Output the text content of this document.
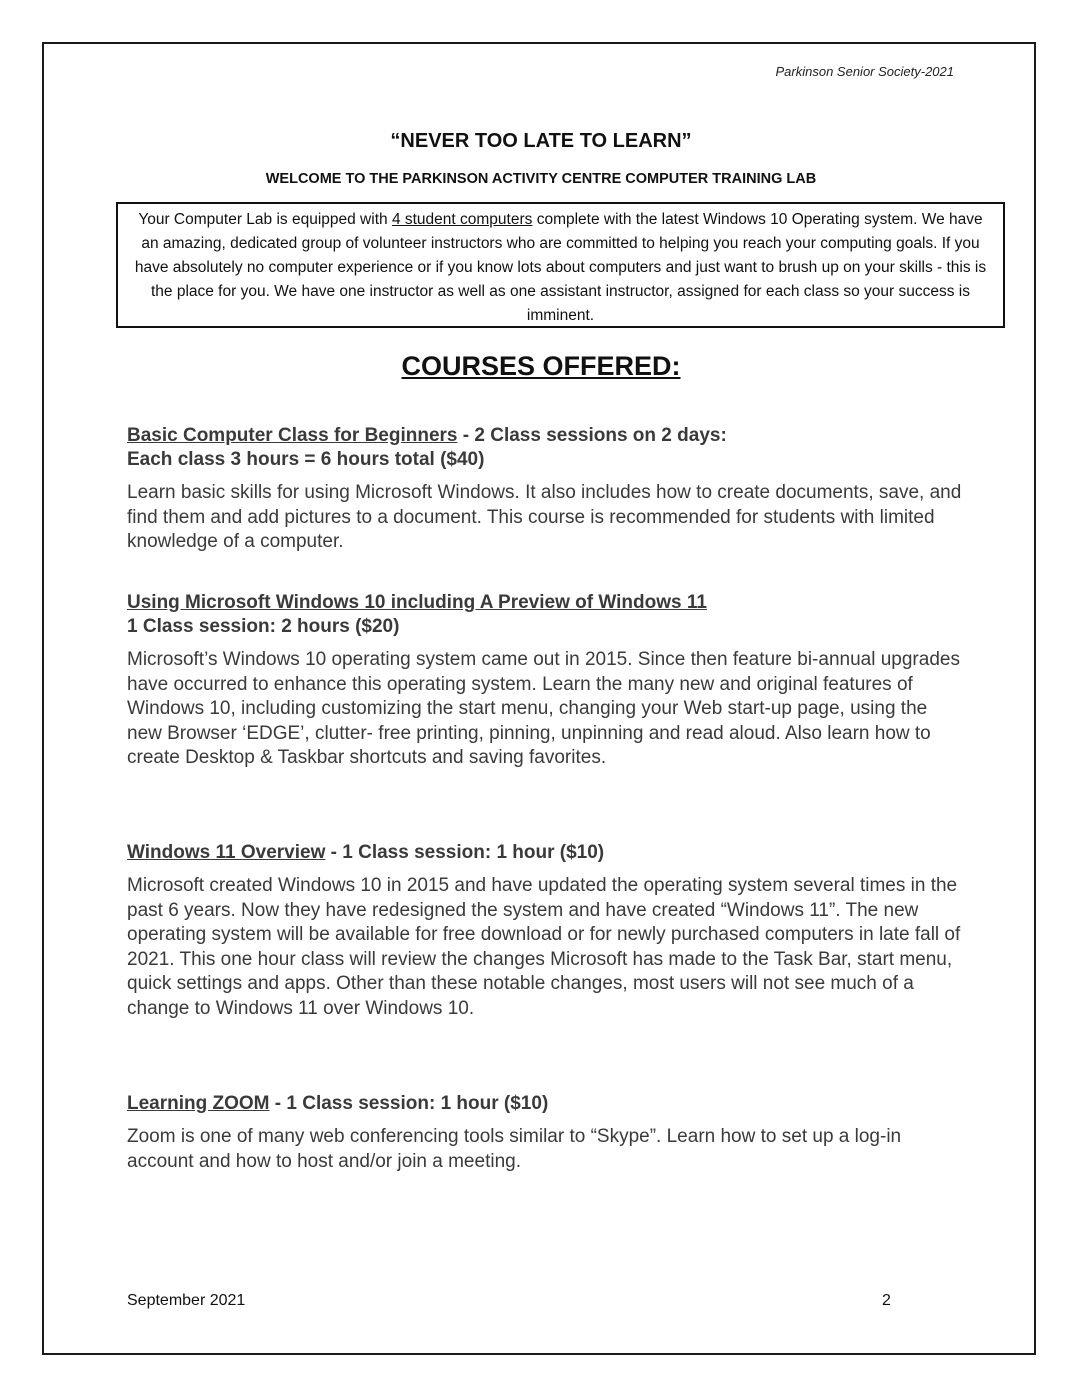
Parkinson Senior Society-2021
“NEVER TOO LATE TO LEARN”
WELCOME TO THE PARKINSON ACTIVITY CENTRE COMPUTER TRAINING LAB
Your Computer Lab is equipped with 4 student computers complete with the latest Windows 10 Operating system. We have an amazing, dedicated group of volunteer instructors who are committed to helping you reach your computing goals. If you have absolutely no computer experience or if you know lots about computers and just want to brush up on your skills - this is the place for you. We have one instructor as well as one assistant instructor, assigned for each class so your success is imminent.
COURSES OFFERED:
Basic Computer Class for Beginners - 2 Class sessions on 2 days:
Each class 3 hours = 6 hours total ($40)
Learn basic skills for using Microsoft Windows. It also includes how to create documents, save, and find them and add pictures to a document. This course is recommended for students with limited knowledge of a computer.
Using Microsoft Windows 10 including A Preview of Windows 11
1 Class session: 2 hours ($20)
Microsoft’s Windows 10 operating system came out in 2015. Since then feature bi-annual upgrades have occurred to enhance this operating system. Learn the many new and original features of Windows 10, including customizing the start menu, changing your Web start-up page, using the new Browser ‘EDGE’, clutter- free printing, pinning, unpinning and read aloud. Also learn how to create Desktop & Taskbar shortcuts and saving favorites.
Windows 11 Overview - 1 Class session: 1 hour ($10)
Microsoft created Windows 10 in 2015 and have updated the operating system several times in the past 6 years. Now they have redesigned the system and have created “Windows 11”. The new operating system will be available for free download or for newly purchased computers in late fall of 2021. This one hour class will review the changes Microsoft has made to the Task Bar, start menu, quick settings and apps. Other than these notable changes, most users will not see much of a change to Windows 11 over Windows 10.
Learning ZOOM - 1 Class session: 1 hour ($10)
Zoom is one of many web conferencing tools similar to “Skype”. Learn how to set up a log-in account and how to host and/or join a meeting.
September 2021	2
